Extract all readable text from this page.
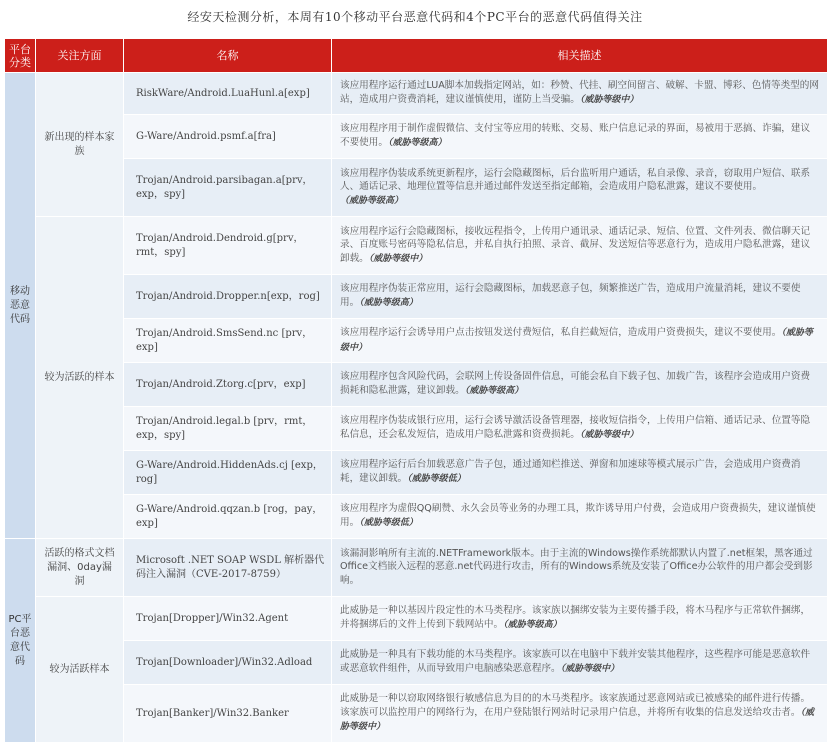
经安天检测分析，本周有10个移动平台恶意代码和4个PC平台的恶意代码值得关注
平台分类	关注方面	名称	相关描述
移动恶意代码	新出现的样本家族	RiskWare/Android.LuaHunl.a[exp]	该应用程序运行通过LUA脚本加载指定网站，如：秒赞、代挂、刷空间留言、破解、卡盟、博彩、色情等类型的网站，造成用户资费消耗，建议谨慎使用，谨防上当受骗。（威胁等级中）
		G-Ware/Android.psmf.a[fra]	该应用程序用于制作虚假微信、支付宝等应用的转账、交易、账户信息记录的界面，易被用于恶搞、诈骗，建议不要使用。（威胁等级高）
		Trojan/Android.parsibagan.a[prv，exp，spy]	该应用程序伪装成系统更新程序，运行会隐藏图标，后台监听用户通话，私自录像、录音，窃取用户短信、联系人、通话记录、地理位置等信息并通过邮件发送至指定邮箱，会造成用户隐私泄露，建议不要使用。（威胁等级高）
	较为活跃的样本	Trojan/Android.Dendroid.g[prv，rmt，spy]	该应用程序运行会隐藏图标，接收远程指令，上传用户通讯录、通话记录、短信、位置、文件列表、微信聊天记录、百度账号密码等隐私信息，并私自执行拍照、录音、截屏、发送短信等恶意行为，造成用户隐私泄露，建议卸载。（威胁等级中）
		Trojan/Android.Dropper.n[exp，rog]	该应用程序伪装正常应用，运行会隐藏图标，加载恶意子包，频繁推送广告，造成用户流量消耗，建议不要使用。（威胁等级高）
		Trojan/Android.SmsSend.nc [prv，exp]	该应用程序运行会诱导用户点击按钮发送付费短信，私自拦截短信，造成用户资费损失，建议不要使用。（威胁等级中）
		Trojan/Android.Ztorg.c[prv，exp]	该应用程序包含风险代码，会联网上传设备固件信息，可能会私自下载子包、加载广告，该程序会造成用户资费损耗和隐私泄露，建议卸载。（威胁等级高）
		Trojan/Android.legal.b [prv，rmt，exp，spy]	该应用程序伪装成银行应用，运行会诱导激活设备管理器，接收短信指令，上传用户信箱、通话记录、位置等隐私信息，还会私发短信，造成用户隐私泄露和资费损耗。（威胁等级中）
		G-Ware/Android.HiddenAds.cj [exp，rog]	该应用程序运行后台加载恶意广告子包，通过通知栏推送、弹窗和加速球等模式展示广告，会造成用户资费消耗，建议卸载。（威胁等级低）
		G-Ware/Android.qqzan.b [rog，pay，exp]	该应用程序为虚假QQ刷赞、永久会员等业务的办理工具，欺诈诱导用户付费，会造成用户资费损失，建议谨慎使用。（威胁等级低）
PC平台恶意代码	活跃的格式文档漏洞、0day漏洞	Microsoft .NET SOAP WSDL 解析器代码注入漏洞（CVE-2017-8759）	该漏洞影响所有主流的.NETFramework版本。由于主流的Windows操作系统都默认内置了.net框架，黑客通过Office文档嵌入远程的恶意.net代码进行攻击，所有的Windows系统及安装了Office办公软件的用户都会受到影响。
	较为活跃样本	Trojan[Dropper]/Win32.Agent	此威胁是一种以基因片段定性的木马类程序。该家族以捆绑安装为主要传播手段，将木马程序与正常软件捆绑，并将捆绑后的文件上传到下载网站中。（威胁等级高）
		Trojan[Downloader]/Win32.Adload	此威胁是一种具有下载功能的木马类程序。该家族可以在电脑中下载并安装其他程序，这些程序可能是恶意软件或恶意软件组件，从而导致用户电脑感染恶意程序。（威胁等级中）
		Trojan[Banker]/Win32.Banker	此威胁是一种以窃取网络银行敏感信息为目的的木马类程序。该家族通过恶意网站或已被感染的邮件进行传播。该家族可以监控用户的网络行为，在用户登陆银行网站时记录用户信息，并将所有收集的信息发送给攻击者。（威胁等级中）
